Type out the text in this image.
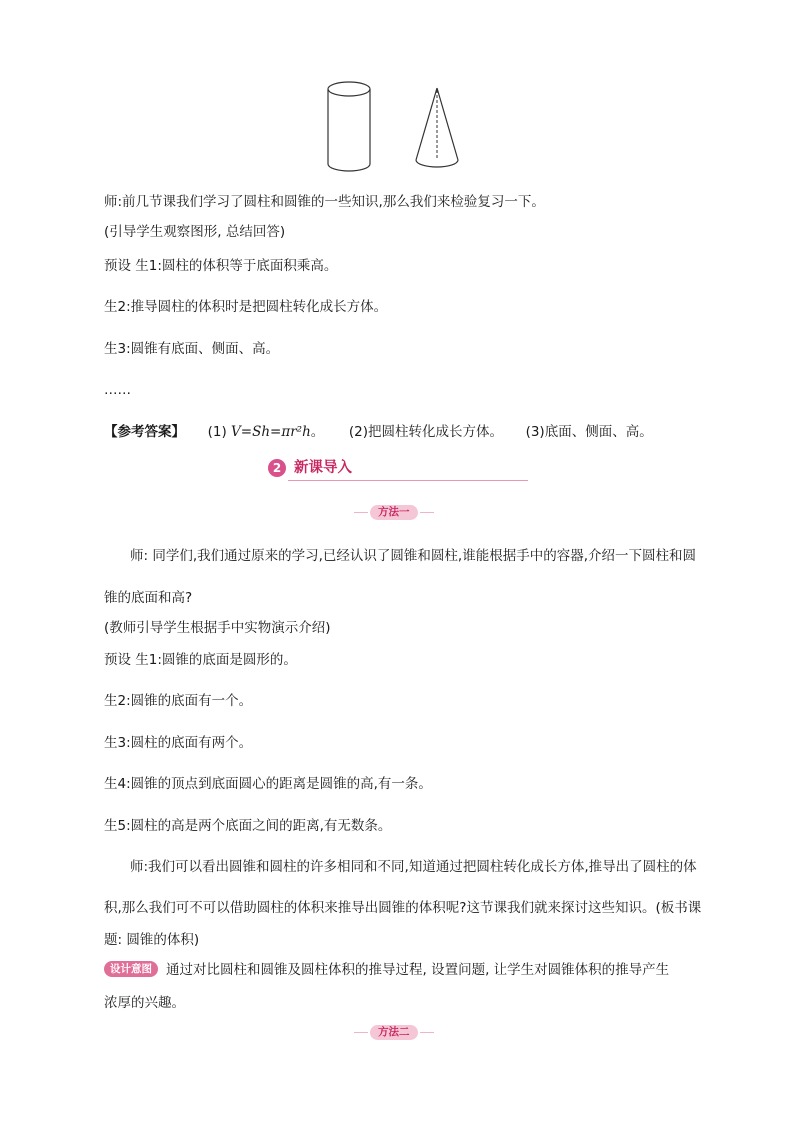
师:前几节课我们学习了圆柱和圆锥的一些知识,那么我们来检验复习一下。
(引导学生观察图形, 总结回答)
预设 生1:圆柱的体积等于底面积乘高。
生2:推导圆柱的体积时是把圆柱转化成长方体。
生3:圆锥有底面、侧面、高。
……
【参考答案】 (1) V=Sh=πr²h。 (2)把圆柱转化成长方体。 (3)底面、侧面、高。
2 新课导入
方法一
师: 同学们,我们通过原来的学习,已经认识了圆锥和圆柱,谁能根据手中的容器,介绍一下圆柱和圆
锥的底面和高?
(教师引导学生根据手中实物演示介绍)
预设 生1:圆锥的底面是圆形的。
生2:圆锥的底面有一个。
生3:圆柱的底面有两个。
生4:圆锥的顶点到底面圆心的距离是圆锥的高,有一条。
生5:圆柱的高是两个底面之间的距离,有无数条。
师:我们可以看出圆锥和圆柱的许多相同和不同,知道通过把圆柱转化成长方体,推导出了圆柱的体
积,那么我们可不可以借助圆柱的体积来推导出圆锥的体积呢?这节课我们就来探讨这些知识。(板书课
题: 圆锥的体积)
设计意图	通过对比圆柱和圆锥及圆柱体积的推导过程, 设置问题, 让学生对圆锥体积的推导产生
浓厚的兴趣。
方法二
